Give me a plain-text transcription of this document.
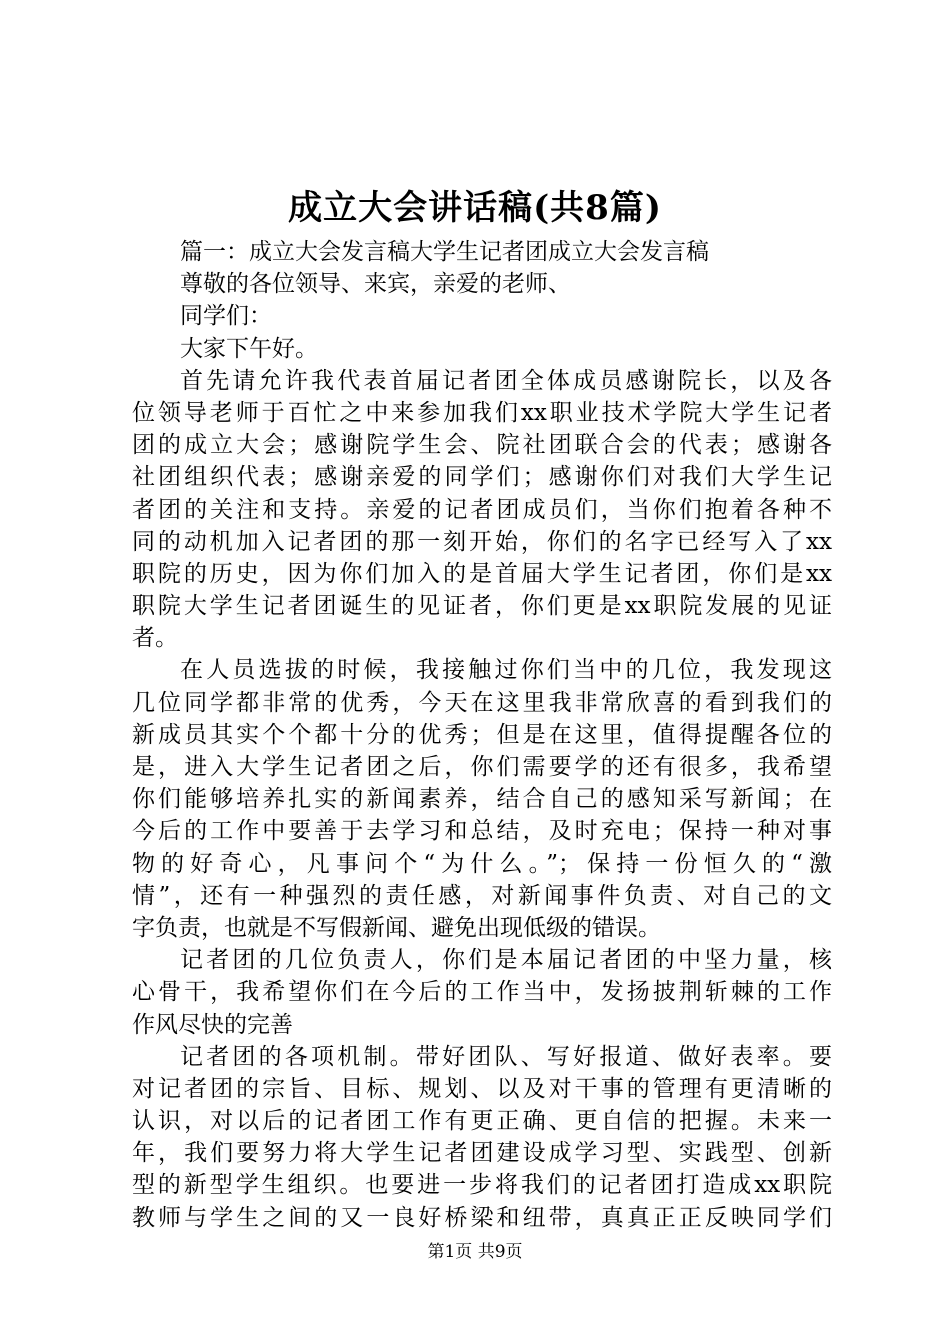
成立大会讲话稿(共8篇)
篇一：成立大会发言稿大学生记者团成立大会发言稿
尊敬的各位领导、来宾，亲爱的老师、
同学们：
大家下午好。
首先请允许我代表首届记者团全体成员感谢院长，以及各
位领导老师于百忙之中来参加我们xx职业技术学院大学生记者
团的成立大会；感谢院学生会、院社团联合会的代表；感谢各
社团组织代表；感谢亲爱的同学们；感谢你们对我们大学生记
者团的关注和支持。亲爱的记者团成员们，当你们抱着各种不
同的动机加入记者团的那一刻开始，你们的名字已经写入了xx
职院的历史，因为你们加入的是首届大学生记者团，你们是xx
职院大学生记者团诞生的见证者，你们更是xx职院发展的见证
者。
在人员选拔的时候，我接触过你们当中的几位，我发现这
几位同学都非常的优秀，今天在这里我非常欣喜的看到我们的
新成员其实个个都十分的优秀；但是在这里，值得提醒各位的
是，进入大学生记者团之后，你们需要学的还有很多，我希望
你们能够培养扎实的新闻素养，结合自己的感知采写新闻；在
今后的工作中要善于去学习和总结，及时充电；保持一种对事
物的好奇心，凡事问个“为什么。”；保持一份恒久的“激
情”，还有一种强烈的责任感，对新闻事件负责、对自己的文
字负责，也就是不写假新闻、避免出现低级的错误。
记者团的几位负责人，你们是本届记者团的中坚力量，核
心骨干，我希望你们在今后的工作当中，发扬披荆斩棘的工作
作风尽快的完善
记者团的各项机制。带好团队、写好报道、做好表率。要
对记者团的宗旨、目标、规划、以及对干事的管理有更清晰的
认识，对以后的记者团工作有更正确、更自信的把握。未来一
年，我们要努力将大学生记者团建设成学习型、实践型、创新
型的新型学生组织。也要进一步将我们的记者团打造成xx职院
教师与学生之间的又一良好桥梁和纽带，真真正正反映同学们
第1页 共9页
